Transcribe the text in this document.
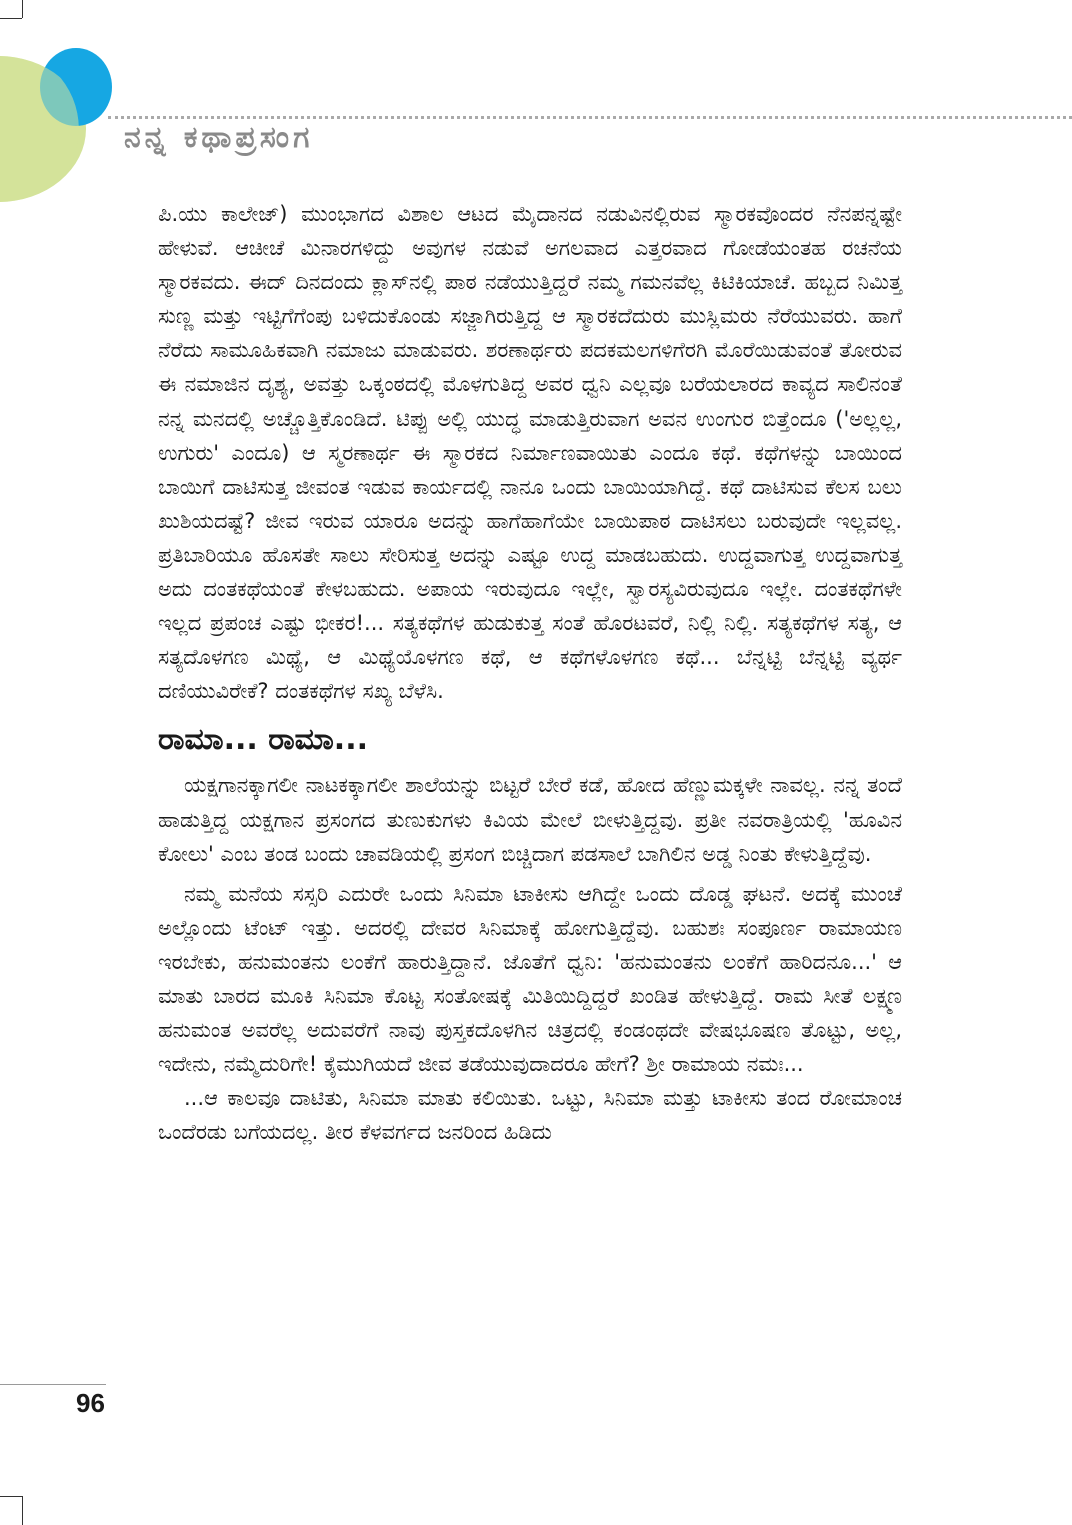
ನನ್ನ ಕಥಾಪ್ರಸಂಗ

ಪಿ.ಯು ಕಾಲೇಜ್) ಮುಂಭಾಗದ ವಿಶಾಲ ಆಟದ ಮೈದಾನದ ನಡುವಿನಲ್ಲಿರುವ ಸ್ಮಾರಕವೊಂದರ ನೆನಪನ್ನಷ್ಟೇ ಹೇಳುವೆ. ಆಚೀಚೆ ಮಿನಾರಗಳಿದ್ದು ಅವುಗಳ ನಡುವೆ ಅಗಲವಾದ ಎತ್ತರವಾದ ಗೋಡೆಯಂತಹ ರಚನೆಯ ಸ್ಮಾರಕವದು. ಈದ್ ದಿನದಂದು ಕ್ಲಾಸ್‌ನಲ್ಲಿ ಪಾಠ ನಡೆಯುತ್ತಿದ್ದರೆ ನಮ್ಮ ಗಮನವೆಲ್ಲ ಕಿಟಿಕಿಯಾಚೆ. ಹಬ್ಬದ ನಿಮಿತ್ತ ಸುಣ್ಣ ಮತ್ತು ಇಟ್ಟಿಗೆಗೆಂಪು ಬಳಿದುಕೊಂಡು ಸಜ್ಜಾಗಿರುತ್ತಿದ್ದ ಆ ಸ್ಮಾರಕದೆದುರು ಮುಸ್ಲಿಮರು ನೆರೆಯುವರು. ಹಾಗೆ ನೆರೆದು ಸಾಮೂಹಿಕವಾಗಿ ನಮಾಜು ಮಾಡುವರು. ಶರಣಾರ್ಥರು ಪದಕಮಲಗಳಿಗೆರಗಿ ಮೊರೆಯಿಡುವಂತೆ ತೋರುವ ಈ ನಮಾಜಿನ ದೃಶ್ಯ, ಅವತ್ತು ಒಕ್ಕಂಠದಲ್ಲಿ ಮೊಳಗುತಿದ್ದ ಅವರ ಧ್ವನಿ ಎಲ್ಲವೂ ಬರೆಯಲಾರದ ಕಾವ್ಯದ ಸಾಲಿನಂತೆ ನನ್ನ ಮನದಲ್ಲಿ ಅಚ್ಚೊತ್ತಿಕೊಂಡಿದೆ. ಟಿಪ್ಪು ಅಲ್ಲಿ ಯುದ್ಧ ಮಾಡುತ್ತಿರುವಾಗ ಅವನ ಉಂಗುರ ಬಿತ್ತೆಂದೂ ('ಅಲ್ಲಲ್ಲ, ಉಗುರು' ಎಂದೂ) ಆ ಸ್ಮರಣಾರ್ಥ ಈ ಸ್ಮಾರಕದ ನಿರ್ಮಾಣವಾಯಿತು ಎಂದೂ ಕಥೆ. ಕಥೆಗಳನ್ನು ಬಾಯಿಂದ ಬಾಯಿಗೆ ದಾಟಿಸುತ್ತ ಜೀವಂತ ಇಡುವ ಕಾರ್ಯದಲ್ಲಿ ನಾನೂ ಒಂದು ಬಾಯಿಯಾಗಿದ್ದೆ. ಕಥೆ ದಾಟಿಸುವ ಕೆಲಸ ಬಲು ಖುಶಿಯದಷ್ಟೆ? ಜೀವ ಇರುವ ಯಾರೂ ಅದನ್ನು ಹಾಗೆಹಾಗೆಯೇ ಬಾಯಿಪಾಠ ದಾಟಿಸಲು ಬರುವುದೇ ಇಲ್ಲವಲ್ಲ. ಪ್ರತಿಬಾರಿಯೂ ಹೊಸತೇ ಸಾಲು ಸೇರಿಸುತ್ತ ಅದನ್ನು ಎಷ್ಟೂ ಉದ್ದ ಮಾಡಬಹುದು. ಉದ್ದವಾಗುತ್ತ ಉದ್ದವಾಗುತ್ತ ಅದು ದಂತಕಥೆಯಂತೆ ಕೇಳಬಹುದು. ಅಪಾಯ ಇರುವುದೂ ಇಲ್ಲೇ, ಸ್ವಾರಸ್ಯವಿರುವುದೂ ಇಲ್ಲೇ. ದಂತಕಥೆಗಳೇ ಇಲ್ಲದ ಪ್ರಪಂಚ ಎಷ್ಟು ಭೀಕರ!... ಸತ್ಯಕಥೆಗಳ ಹುಡುಕುತ್ತ ಸಂತೆ ಹೊರಟವರೆ, ನಿಲ್ಲಿ ನಿಲ್ಲಿ. ಸತ್ಯಕಥೆಗಳ ಸತ್ಯ, ಆ ಸತ್ಯದೊಳಗಣ ಮಿಥ್ಯೆ, ಆ ಮಿಥ್ಯೆಯೊಳಗಣ ಕಥೆ, ಆ ಕಥೆಗಳೊಳಗಣ ಕಥೆ... ಬೆನ್ನಟ್ಟಿ ಬೆನ್ನಟ್ಟಿ ವ್ಯರ್ಥ ದಣಿಯುವಿರೇಕೆ? ದಂತಕಥೆಗಳ ಸಖ್ಯ ಬೆಳೆಸಿ.

ರಾಮಾ... ರಾಮಾ...

ಯಕ್ಷಗಾನಕ್ಕಾಗಲೀ ನಾಟಕಕ್ಕಾಗಲೀ ಶಾಲೆಯನ್ನು ಬಿಟ್ಟರೆ ಬೇರೆ ಕಡೆ, ಹೋದ ಹೆಣ್ಣುಮಕ್ಕಳೇ ನಾವಲ್ಲ. ನನ್ನ ತಂದೆ ಹಾಡುತ್ತಿದ್ದ ಯಕ್ಷಗಾನ ಪ್ರಸಂಗದ ತುಣುಕುಗಳು ಕಿವಿಯ ಮೇಲೆ ಬೀಳುತ್ತಿದ್ದವು. ಪ್ರತೀ ನವರಾತ್ರಿಯಲ್ಲಿ 'ಹೂವಿನ ಕೋಲು' ಎಂಬ ತಂಡ ಬಂದು ಚಾವಡಿಯಲ್ಲಿ ಪ್ರಸಂಗ ಬಿಚ್ಚಿದಾಗ ಪಡಸಾಲೆ ಬಾಗಿಲಿನ ಅಡ್ಡ ನಿಂತು ಕೇಳುತ್ತಿದ್ದೆವು.

ನಮ್ಮ ಮನೆಯ ಸಸ್ಸರಿ ಎದುರೇ ಒಂದು ಸಿನಿಮಾ ಟಾಕೀಸು ಆಗಿದ್ದೇ ಒಂದು ದೊಡ್ಡ ಘಟನೆ. ಅದಕ್ಕೆ ಮುಂಚೆ ಅಲ್ಲೊಂದು ಟೆಂಟ್ ಇತ್ತು. ಅದರಲ್ಲಿ ದೇವರ ಸಿನಿಮಾಕ್ಕೆ ಹೋಗುತ್ತಿದ್ದೆವು. ಬಹುಶಃ ಸಂಪೂರ್ಣ ರಾಮಾಯಣ ಇರಬೇಕು, ಹನುಮಂತನು ಲಂಕೆಗೆ ಹಾರುತ್ತಿದ್ದಾನೆ. ಜೊತೆಗೆ ಧ್ವನಿ: 'ಹನುಮಂತನು ಲಂಕೆಗೆ ಹಾರಿದನೂ...' ಆ ಮಾತು ಬಾರದ ಮೂಕಿ ಸಿನಿಮಾ ಕೊಟ್ಟ ಸಂತೋಷಕ್ಕೆ ಮಿತಿಯಿದ್ದಿದ್ದರೆ ಖಂಡಿತ ಹೇಳುತ್ತಿದ್ದೆ. ರಾಮ ಸೀತೆ ಲಕ್ಷ್ಮಣ ಹನುಮಂತ ಅವರೆಲ್ಲ ಅದುವರೆಗೆ ನಾವು ಪುಸ್ತಕದೊಳಗಿನ ಚಿತ್ರದಲ್ಲಿ ಕಂಡಂಥದೇ ವೇಷಭೂಷಣ ತೊಟ್ಟು, ಅಲ್ಲ, ಇದೇನು, ನಮ್ಮೆದುರಿಗೇ! ಕೈಮುಗಿಯದೆ ಜೀವ ತಡೆಯುವುದಾದರೂ ಹೇಗೆ? ಶ್ರೀ ರಾಮಾಯ ನಮಃ...

...ಆ ಕಾಲವೂ ದಾಟಿತು, ಸಿನಿಮಾ ಮಾತು ಕಲಿಯಿತು. ಒಟ್ಟು, ಸಿನಿಮಾ ಮತ್ತು ಟಾಕೀಸು ತಂದ ರೋಮಾಂಚ ಒಂದೆರಡು ಬಗೆಯದಲ್ಲ. ತೀರ ಕೆಳವರ್ಗದ ಜನರಿಂದ ಹಿಡಿದು

96
